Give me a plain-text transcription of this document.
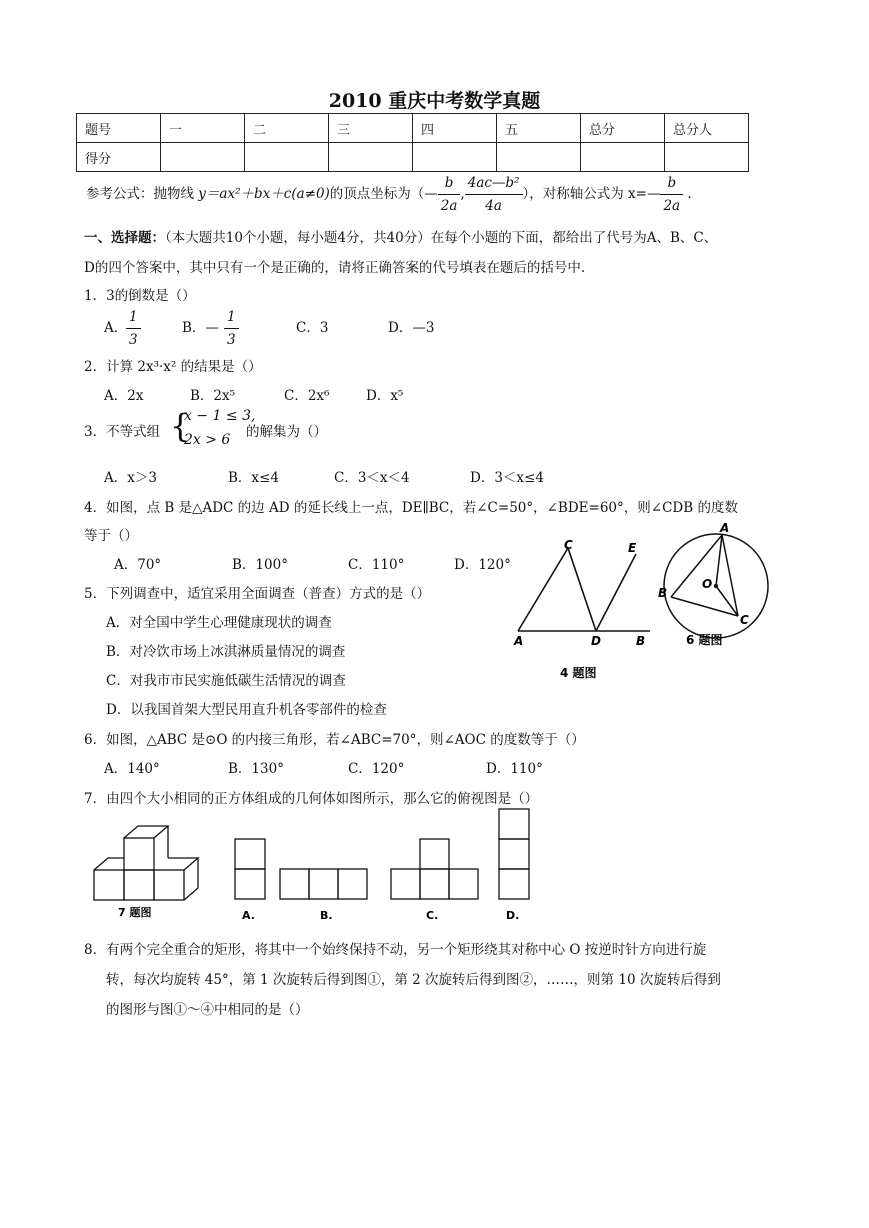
2010 重庆中考数学真题
题号	一	二	三	四	五	总分	总分人
得分							
参考公式：抛物线 y＝ax²＋bx＋c(a≠0)的顶点坐标为（— $\frac{b}{2a}$ , $\frac{\text{4ac—b²}}{4a}$ ），对称轴公式为 x=— $\frac{b}{2a}$ .
一、选择题：（本大题共10个小题，每小题4分，共40分）在每个小题的下面，都给出了代号为A、B、C、
D的四个答案中，其中只有一个是正确的，请将正确答案的代号填表在题后的括号中.
1．3的倒数是（）
A．
$\frac{1}{3}$	B．— $\frac{1}{3}$	C．3	D．—3
2．计算 2x³·x² 的结果是（）
A．2x	B．2x⁵	C．2x⁶	D．x⁵
3．不等式组 {
x − 1 ≤ 3,
2x > 6 的解集为（）
A．x＞3	B．x≤4	C．3＜x＜4	D．3＜x≤4
4．如图，点 B 是△ADC 的边 AD 的延长线上一点，DE∥BC，若∠C=50°，∠BDE=60°，则∠CDB 的度数
等于（）
A．70°	B．100°	C．110°	D．120°
5．下列调查中，适宜采用全面调查（普查）方式的是（）
A．对全国中学生心理健康现状的调查
B．对冷饮市场上冰淇淋质量情况的调查
C．对我市市民实施低碳生活情况的调查
D．以我国首架大型民用直升机各零部件的检查
A	B
C
D
E
4 题图
A
B
C
O
6 题图
6．如图，△ABC 是⊙O 的内接三角形，若∠ABC=70°，则∠AOC 的度数等于（）
A．140°	B．130°	C．120°	D．110°
7．由四个大小相同的正方体组成的几何体如图所示，那么它的俯视图是（）
7 题图	A.	B.	C.	D.
8．有两个完全重合的矩形，将其中一个始终保持不动，另一个矩形绕其对称中心 O 按逆时针方向进行旋
转，每次均旋转 45°，第 1 次旋转后得到图①，第 2 次旋转后得到图②，……，则第 10 次旋转后得到
的图形与图①～④中相同的是（）
